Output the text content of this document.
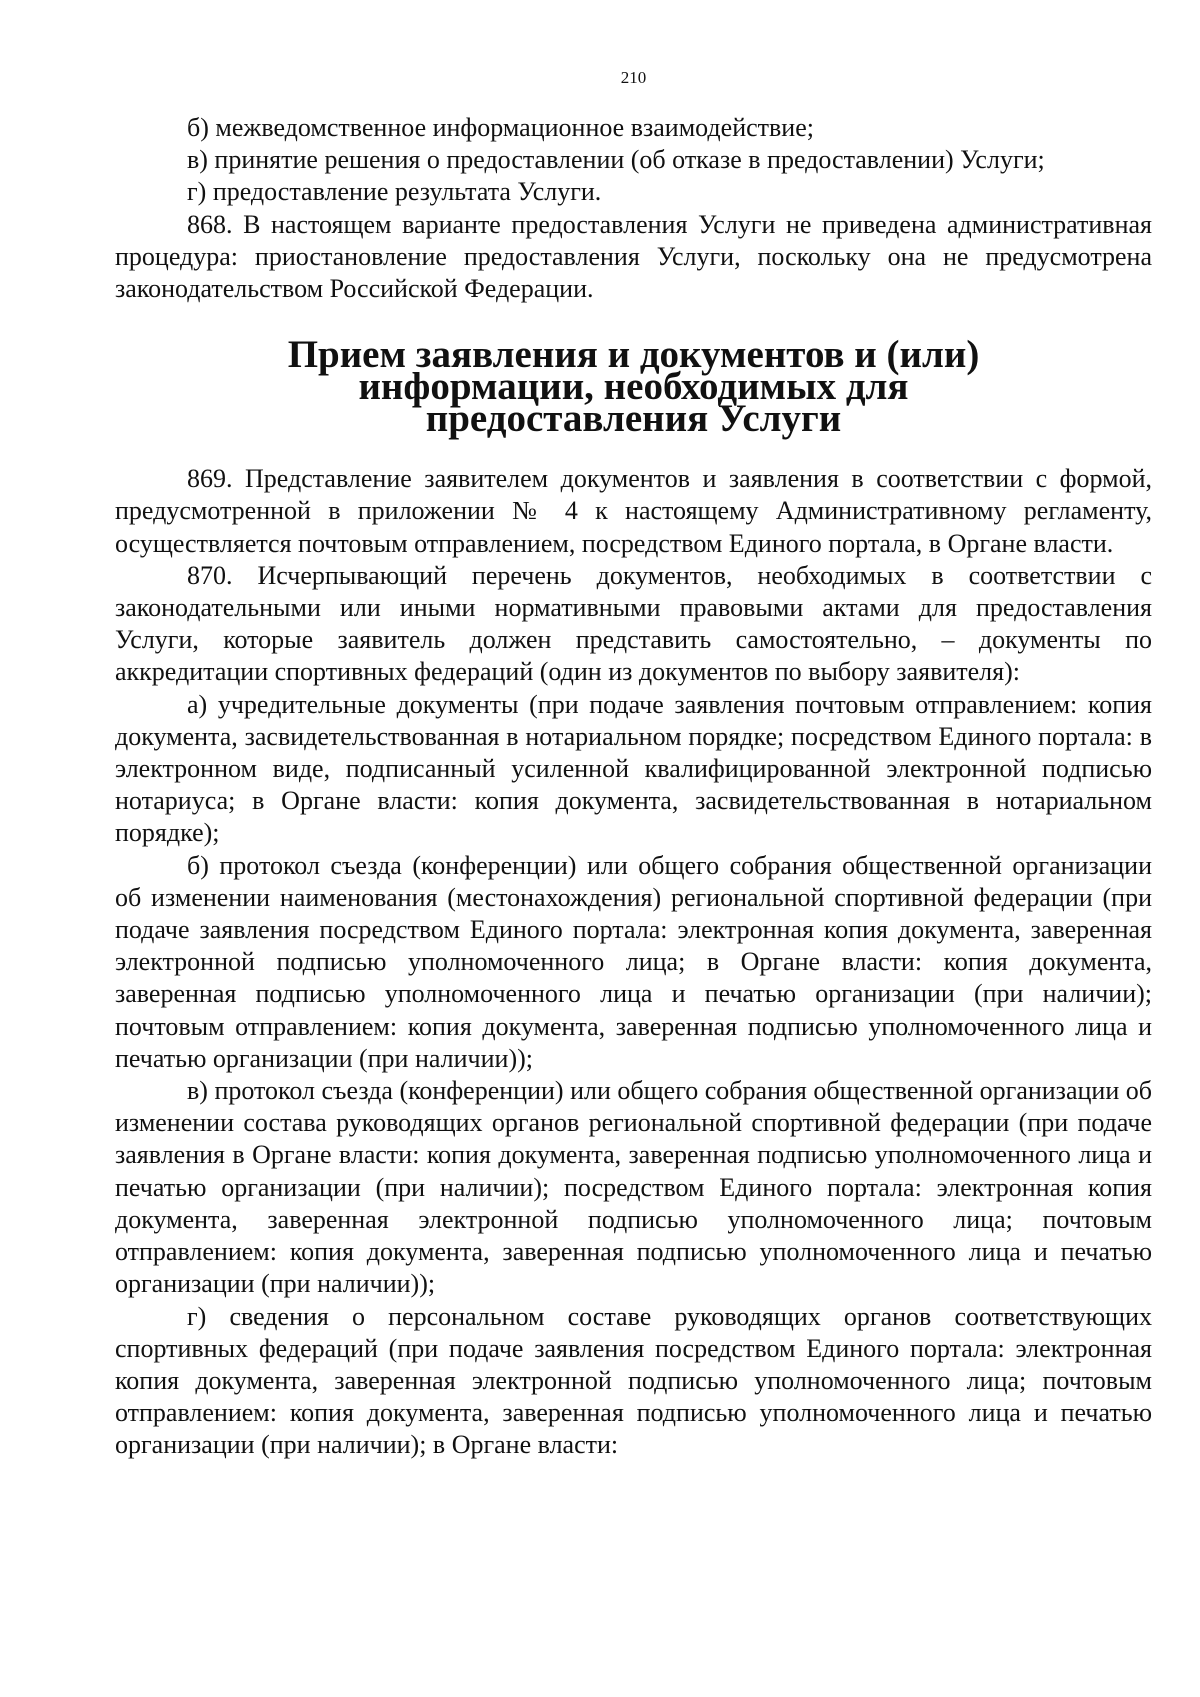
210

б) межведомственное информационное взаимодействие;

в) принятие решения о предоставлении (об отказе в предоставлении) Услуги;

г) предоставление результата Услуги.

868. В настоящем варианте предоставления Услуги не приведена административная процедура: приостановление предоставления Услуги, поскольку она не предусмотрена законодательством Российской Федерации.

Прием заявления и документов и (или) информации, необходимых для
предоставления Услуги

869. Представление заявителем документов и заявления в соответствии с формой, предусмотренной в приложении № 4 к настоящему Административному регламенту, осуществляется почтовым отправлением, посредством Единого портала, в Органе власти.

870. Исчерпывающий перечень документов, необходимых в соответствии с законодательными или иными нормативными правовыми актами для предоставления Услуги, которые заявитель должен представить самостоятельно, – документы по аккредитации спортивных федераций (один из документов по выбору заявителя):

а) учредительные документы (при подаче заявления почтовым отправлением: копия документа, засвидетельствованная в нотариальном порядке; посредством Единого портала: в электронном виде, подписанный усиленной квалифицированной электронной подписью нотариуса; в Органе власти: копия документа, засвидетельствованная в нотариальном порядке);

б) протокол съезда (конференции) или общего собрания общественной организации об изменении наименования (местонахождения) региональной спортивной федерации (при подаче заявления посредством Единого портала: электронная копия документа, заверенная электронной подписью уполномоченного лица; в Органе власти: копия документа, заверенная подписью уполномоченного лица и печатью организации (при наличии); почтовым отправлением: копия документа, заверенная подписью уполномоченного лица и печатью организации (при наличии));

в) протокол съезда (конференции) или общего собрания общественной организации об изменении состава руководящих органов региональной спортивной федерации (при подаче заявления в Органе власти: копия документа, заверенная подписью уполномоченного лица и печатью организации (при наличии); посредством Единого портала: электронная копия документа, заверенная электронной подписью уполномоченного лица; почтовым отправлением: копия документа, заверенная подписью уполномоченного лица и печатью организации (при наличии));

г) сведения о персональном составе руководящих органов соответствующих спортивных федераций (при подаче заявления посредством Единого портала: электронная копия документа, заверенная электронной подписью уполномоченного лица; почтовым отправлением: копия документа, заверенная подписью уполномоченного лица и печатью организации (при наличии); в Органе власти:
